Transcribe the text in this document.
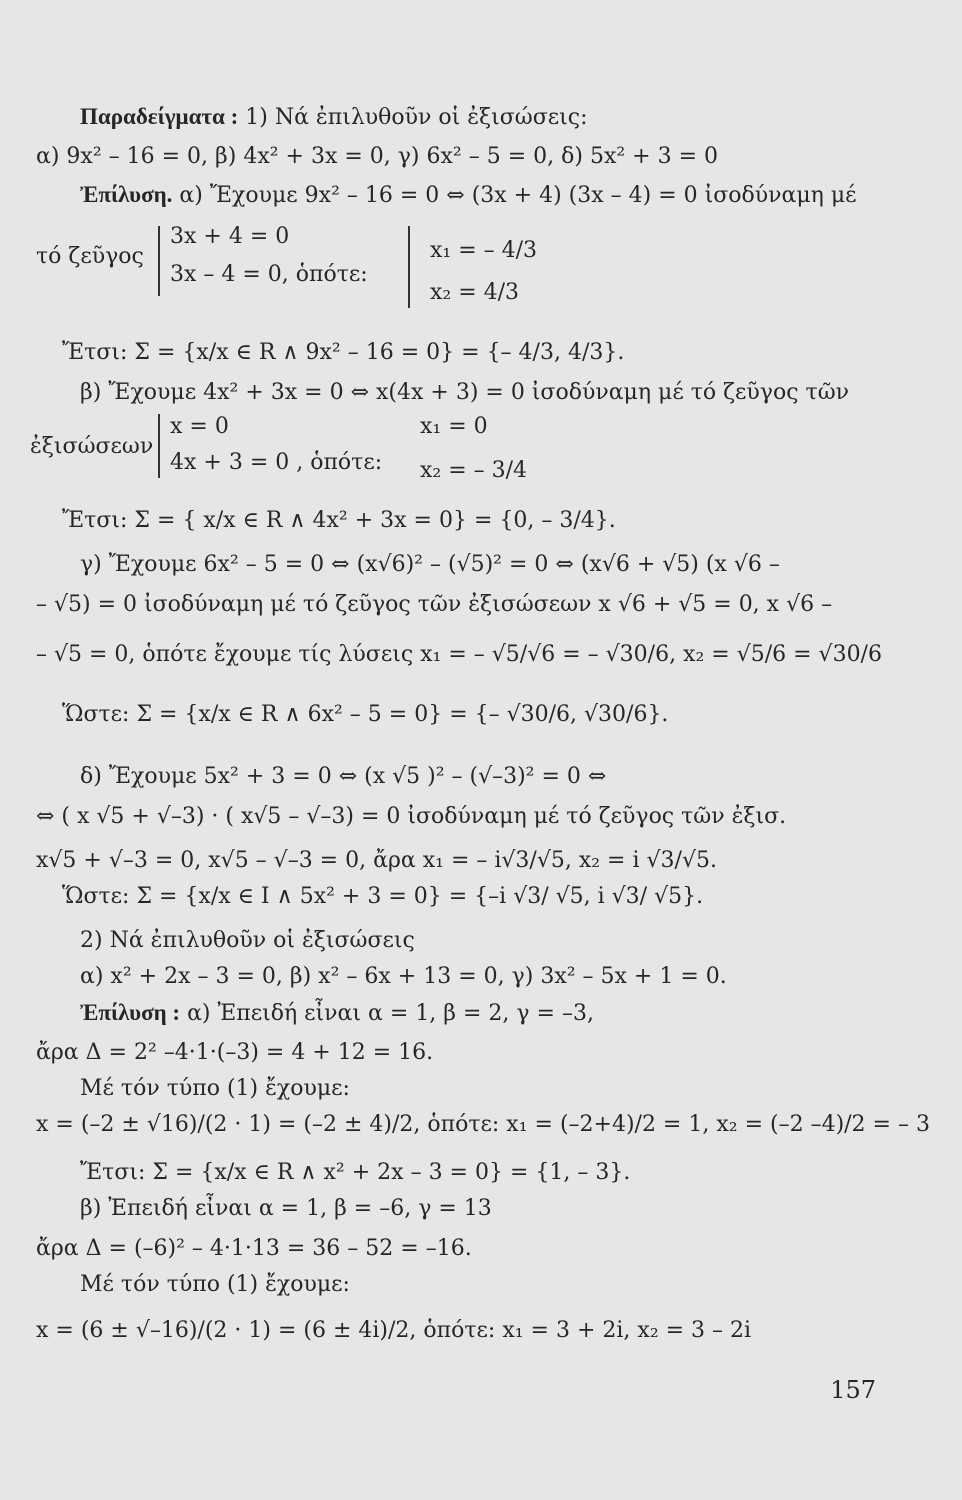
Παραδείγματα : 1) Νά ἐπιλυθοῦν οἱ ἐξισώσεις:
α) 9x² – 16 = 0, β) 4x² + 3x = 0, γ) 6x² – 5 = 0, δ) 5x² + 3 = 0
Ἐπίλυση. α) Ἔχουμε 9x² – 16 = 0 ⇔ (3x + 4) (3x – 4) = 0 ἰσοδύναμη μέ
τό ζεῦγος
3x + 4 = 0
3x – 4 = 0, ὁπότε:
x₁ = – 4/3
x₂ = 4/3
Ἔτσι: Σ = {x/x ∈ R ∧ 9x² – 16 = 0} = {– 4/3, 4/3}.
β) Ἔχουμε 4x² + 3x = 0 ⇔ x(4x + 3) = 0 ἰσοδύναμη μέ τό ζεῦγος τῶν
ἐξισώσεων
x = 0
4x + 3 = 0 , ὁπότε:
x₁ = 0
x₂ = – 3/4
Ἔτσι: Σ = { x/x ∈ R ∧ 4x² + 3x = 0} = {0, – 3/4}.
γ) Ἔχουμε 6x² – 5 = 0 ⇔ (x√6)² – (√5)² = 0 ⇔ (x√6 + √5) (x √6 –
– √5) = 0 ἰσοδύναμη μέ τό ζεῦγος τῶν ἐξισώσεων x √6 + √5 = 0, x √6 –
– √5 = 0, ὁπότε ἔχουμε τίς λύσεις x₁ = – √5/√6 = – √30/6, x₂ = √5/6 = √30/6
Ὥστε: Σ = {x/x ∈ R ∧ 6x² – 5 = 0} = {– √30/6, √30/6}.
δ) Ἔχουμε 5x² + 3 = 0 ⇔ (x √5 )² – (√–3)² = 0 ⇔
⇔ ( x √5 + √–3) · ( x√5 – √–3) = 0 ἰσοδύναμη μέ τό ζεῦγος τῶν ἐξισ.
x√5 + √–3 = 0, x√5 – √–3 = 0, ἄρα x₁ = – i√3/√5, x₂ = i √3/√5.
Ὥστε: Σ = {x/x ∈ I ∧ 5x² + 3 = 0} = {–i √3/ √5, i √3/ √5}.
2) Νά ἐπιλυθοῦν οἱ ἐξισώσεις
α) x² + 2x – 3 = 0, β) x² – 6x + 13 = 0, γ) 3x² – 5x + 1 = 0.
Ἐπίλυση : α) Ἐπειδή εἶναι α = 1, β = 2, γ = –3,
ἄρα Δ = 2² –4·1·(–3) = 4 + 12 = 16.
Μέ τόν τύπο (1) ἔχουμε:
x = (–2 ± √16)/(2 · 1) = (–2 ± 4)/2, ὁπότε: x₁ = (–2+4)/2 = 1, x₂ = (–2 –4)/2 = – 3
Ἔτσι: Σ = {x/x ∈ R ∧ x² + 2x – 3 = 0} = {1, – 3}.
β) Ἐπειδή εἶναι α = 1, β = –6, γ = 13
ἄρα Δ = (–6)² – 4·1·13 = 36 – 52 = –16.
Μέ τόν τύπο (1) ἔχουμε:
x = (6 ± √–16)/(2 · 1) = (6 ± 4i)/2, ὁπότε: x₁ = 3 + 2i, x₂ = 3 – 2i
157
